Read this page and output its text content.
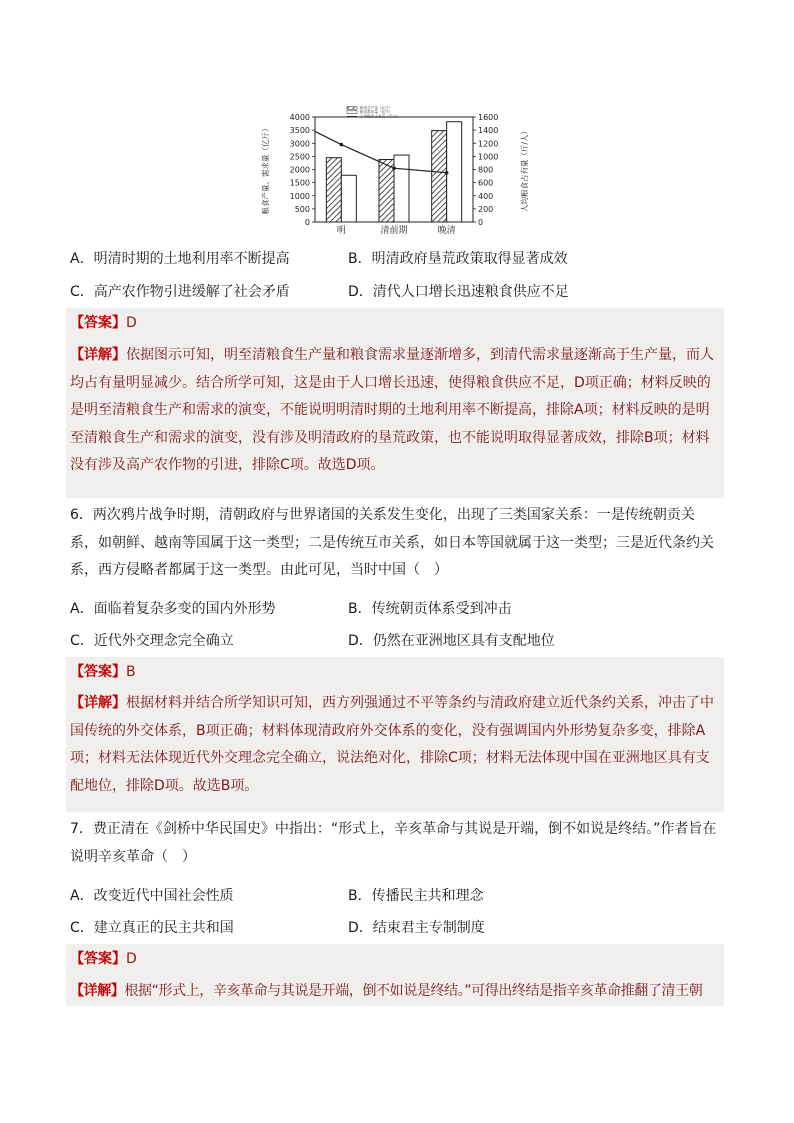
4000
3500
3000
2500
2000
1500
1000
500
0
1600
1400
1200
1000
800
600
400
200
0
粮食产量、需求量（亿斤）	人均粮食占有量（斤/人）
明	清前期	晚清
粮食总产量（亿斤）
粮食需求量（亿斤）
人均粮食占有量（斤/人）
A．明清时期的土地利用率不断提高	B．明清政府垦荒政策取得显著成效
C．高产农作物引进缓解了社会矛盾	D．清代人口增长迅速粮食供应不足
【答案】D
【详解】依据图示可知，明至清粮食生产量和粮食需求量逐渐增多，到清代需求量逐渐高于生产量，而人均占有量明显减少。结合所学可知，这是由于人口增长迅速，使得粮食供应不足，D项正确；材料反映的是明至清粮食生产和需求的演变，不能说明明清时期的土地利用率不断提高，排除A项；材料反映的是明至清粮食生产和需求的演变，没有涉及明清政府的垦荒政策，也不能说明取得显著成效，排除B项；材料没有涉及高产农作物的引进，排除C项。故选D项。
6．两次鸦片战争时期，清朝政府与世界诸国的关系发生变化，出现了三类国家关系：一是传统朝贡关系，如朝鲜、越南等国属于这一类型；二是传统互市关系，如日本等国就属于这一类型；三是近代条约关系，西方侵略者都属于这一类型。由此可见，当时中国（　）
A．面临着复杂多变的国内外形势	B．传统朝贡体系受到冲击
C．近代外交理念完全确立	D．仍然在亚洲地区具有支配地位
【答案】B
【详解】根据材料并结合所学知识可知，西方列强通过不平等条约与清政府建立近代条约关系，冲击了中国传统的外交体系，B项正确；材料体现清政府外交体系的变化，没有强调国内外形势复杂多变，排除A项；材料无法体现近代外交理念完全确立，说法绝对化，排除C项；材料无法体现中国在亚洲地区具有支配地位，排除D项。故选B项。
7．费正清在《剑桥中华民国史》中指出：“形式上，辛亥革命与其说是开端，倒不如说是终结。”作者旨在说明辛亥革命（　）
A．改变近代中国社会性质	B．传播民主共和理念
C．建立真正的民主共和国	D．结束君主专制制度
【答案】D
【详解】根据“形式上，辛亥革命与其说是开端，倒不如说是终结。”可得出终结是指辛亥革命推翻了清王朝
